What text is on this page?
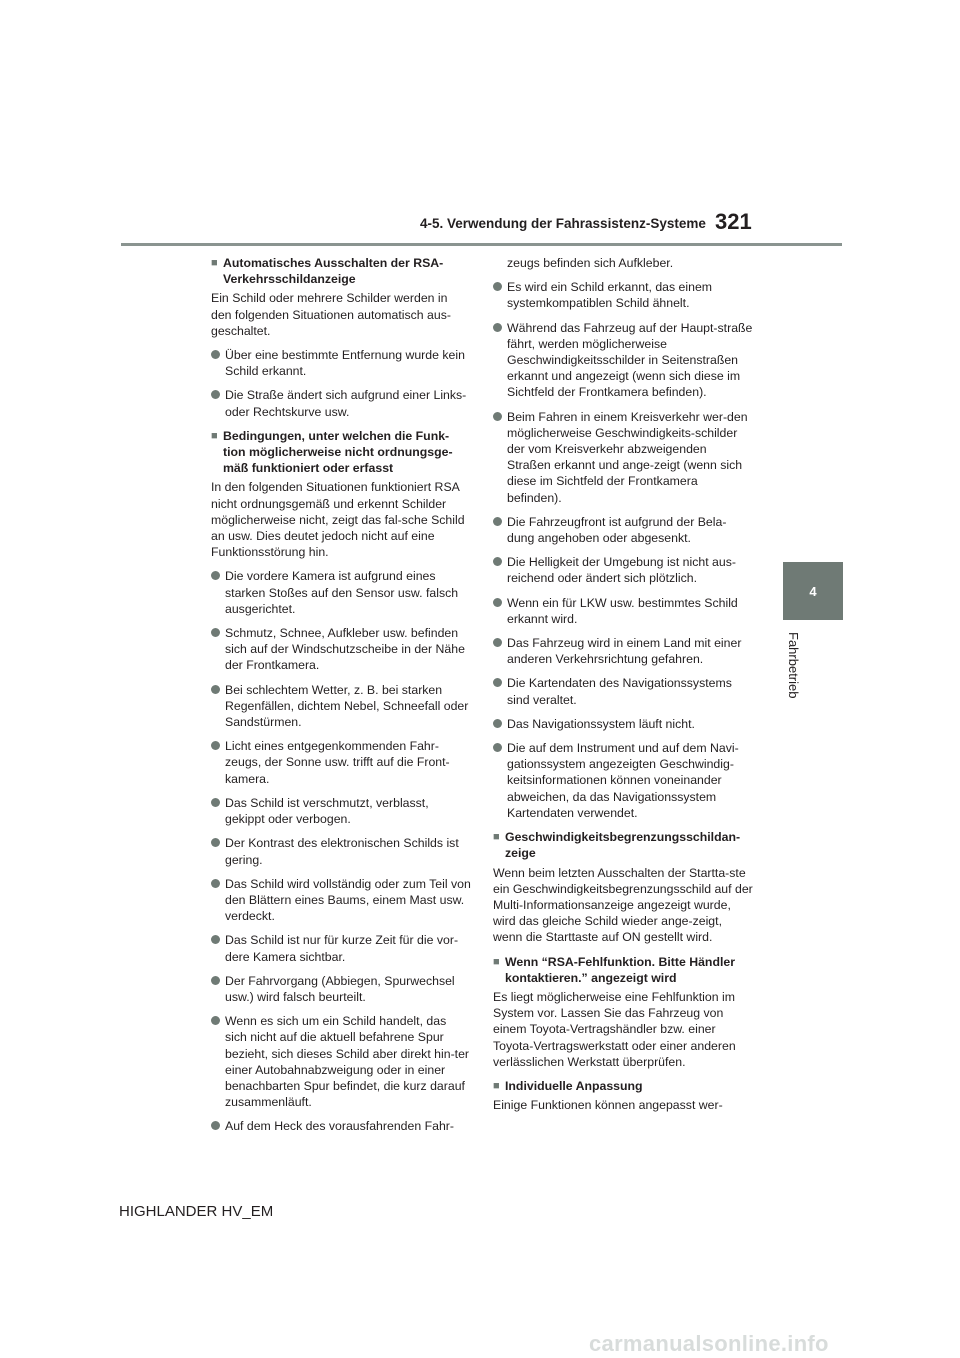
4-5. Verwendung der Fahrassistenz-Systeme 321
4
Fahrbetrieb

■ Automatisches Ausschalten der RSA-Verkehrsschildanzeige

Ein Schild oder mehrere Schilder werden in den folgenden Situationen automatisch aus-geschaltet.

Über eine bestimmte Entfernung wurde kein Schild erkannt.

Die Straße ändert sich aufgrund einer Links- oder Rechtskurve usw.

■ Bedingungen, unter welchen die Funk-tion möglicherweise nicht ordnungsge-mäß funktioniert oder erfasst

In den folgenden Situationen funktioniert RSA nicht ordnungsgemäß und erkennt Schilder möglicherweise nicht, zeigt das fal-sche Schild an usw. Dies deutet jedoch nicht auf eine Funktionsstörung hin.

Die vordere Kamera ist aufgrund eines starken Stoßes auf den Sensor usw. falsch ausgerichtet.

Schmutz, Schnee, Aufkleber usw. befinden sich auf der Windschutzscheibe in der Nähe der Frontkamera.

Bei schlechtem Wetter, z. B. bei starken Regenfällen, dichtem Nebel, Schneefall oder Sandstürmen.

Licht eines entgegenkommenden Fahr-zeugs, der Sonne usw. trifft auf die Front-kamera.

Das Schild ist verschmutzt, verblasst, gekippt oder verbogen.

Der Kontrast des elektronischen Schilds ist gering.

Das Schild wird vollständig oder zum Teil von den Blättern eines Baums, einem Mast usw. verdeckt.

Das Schild ist nur für kurze Zeit für die vor-dere Kamera sichtbar.

Der Fahrvorgang (Abbiegen, Spurwechsel usw.) wird falsch beurteilt.

Wenn es sich um ein Schild handelt, das sich nicht auf die aktuell befahrene Spur bezieht, sich dieses Schild aber direkt hin-ter einer Autobahnabzweigung oder in einer benachbarten Spur befindet, die kurz darauf zusammenläuft.

Auf dem Heck des vorausfahrenden Fahr-

zeugs befinden sich Aufkleber.

Es wird ein Schild erkannt, das einem systemkompatiblen Schild ähnelt.

Während das Fahrzeug auf der Haupt-straße fährt, werden möglicherweise Geschwindigkeitsschilder in Seitenstraßen erkannt und angezeigt (wenn sich diese im Sichtfeld der Frontkamera befinden).

Beim Fahren in einem Kreisverkehr wer-den möglicherweise Geschwindigkeits-schilder der vom Kreisverkehr abzweigenden Straßen erkannt und ange-zeigt (wenn sich diese im Sichtfeld der Frontkamera befinden).

Die Fahrzeugfront ist aufgrund der Bela-dung angehoben oder abgesenkt.

Die Helligkeit der Umgebung ist nicht aus-reichend oder ändert sich plötzlich.

Wenn ein für LKW usw. bestimmtes Schild erkannt wird.

Das Fahrzeug wird in einem Land mit einer anderen Verkehrsrichtung gefahren.

Die Kartendaten des Navigationssystems sind veraltet.

Das Navigationssystem läuft nicht.

Die auf dem Instrument und auf dem Navi-gationssystem angezeigten Geschwindig-keitsinformationen können voneinander abweichen, da das Navigationssystem Kartendaten verwendet.

■ Geschwindigkeitsbegrenzungsschildan-zeige

Wenn beim letzten Ausschalten der Startta-ste ein Geschwindigkeitsbegrenzungsschild auf der Multi-Informationsanzeige angezeigt wurde, wird das gleiche Schild wieder ange-zeigt, wenn die Starttaste auf ON gestellt wird.

■ Wenn “RSA-Fehlfunktion. Bitte Händler kontaktieren.” angezeigt wird

Es liegt möglicherweise eine Fehlfunktion im System vor. Lassen Sie das Fahrzeug von einem Toyota-Vertragshändler bzw. einer Toyota-Vertragswerkstatt oder einer anderen verlässlichen Werkstatt überprüfen.

■ Individuelle Anpassung

Einige Funktionen können angepasst wer-

HIGHLANDER HV_EM
carmanualsonline.info
